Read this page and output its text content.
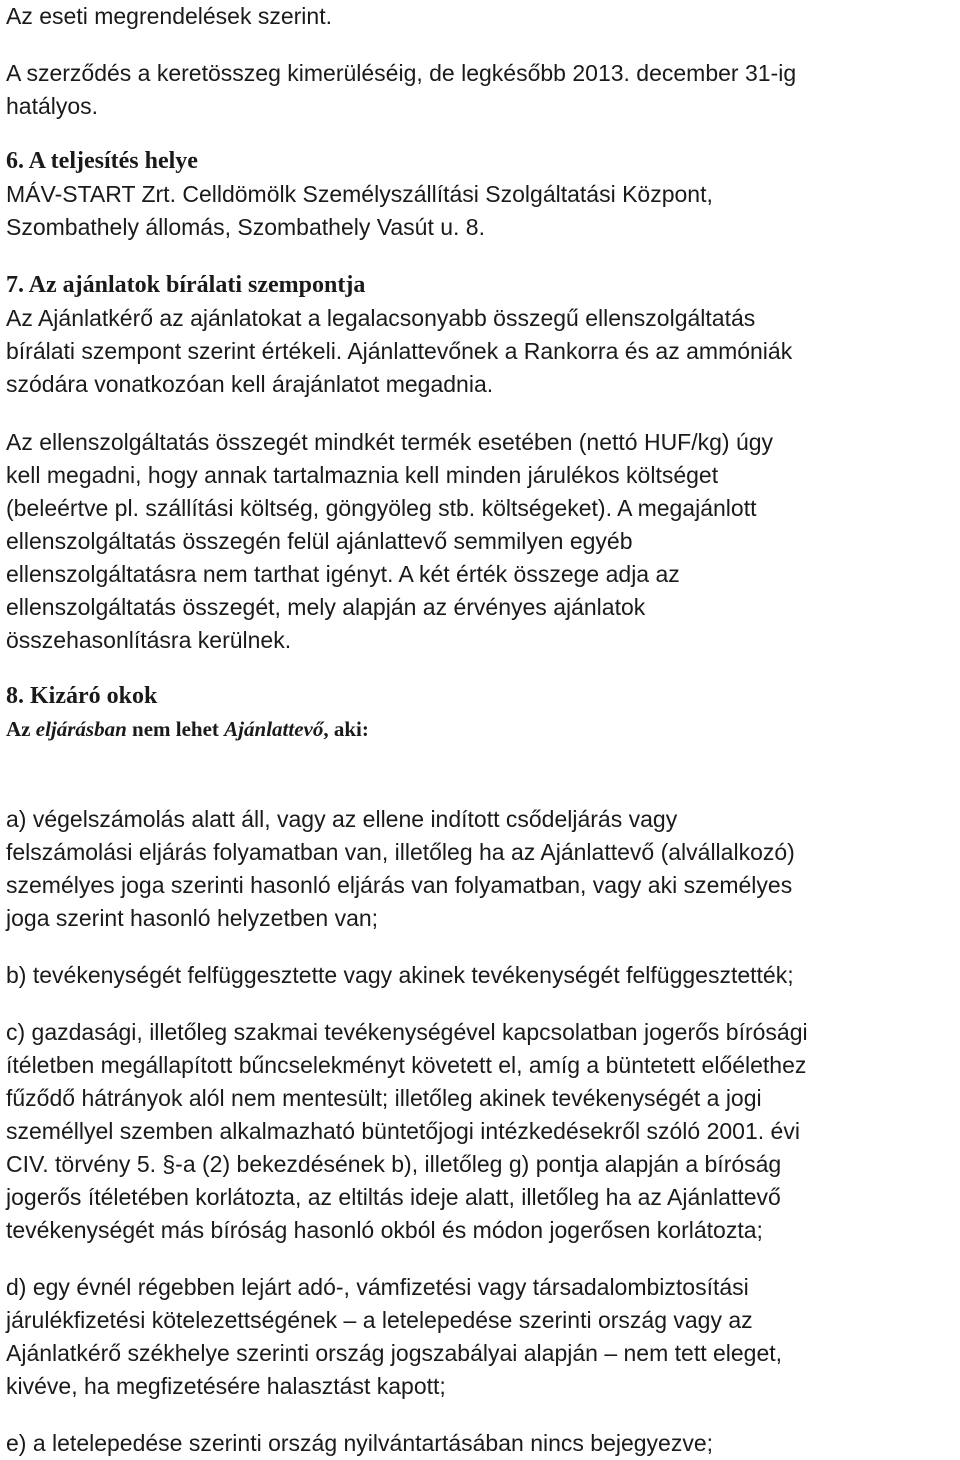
Az eseti megrendelések szerint.

A szerződés a keretösszeg kimerüléséig, de legkésőbb 2013. december 31-ig
hatályos.

6. A teljesítés helye
MÁV-START Zrt. Celldömölk Személyszállítási Szolgáltatási Központ,
Szombathely állomás, Szombathely Vasút u. 8.
7. Az ajánlatok bírálati szempontja
Az Ajánlatkérő az ajánlatokat a legalacsonyabb összegű ellenszolgáltatás
bírálati szempont szerint értékeli. Ajánlattevőnek a Rankorra és az ammóniák
szódára vonatkozóan kell árajánlatot megadnia.

Az ellenszolgáltatás összegét mindkét termék esetében (nettó HUF/kg) úgy
kell megadni, hogy annak tartalmaznia kell minden járulékos költséget
(beleértve pl. szállítási költség, göngyöleg stb. költségeket). A megajánlott
ellenszolgáltatás összegén felül ajánlattevő semmilyen egyéb
ellenszolgáltatásra nem tarthat igényt. A két érték összege adja az
ellenszolgáltatás összegét, mely alapján az érvényes ajánlatok
összehasonlításra kerülnek.

8. Kizáró okok
Az eljárásban nem lehet Ajánlattevő, aki:

a) végelszámolás alatt áll, vagy az ellene indított csődeljárás vagy
felszámolási eljárás folyamatban van, illetőleg ha az Ajánlattevő (alvállalkozó)
személyes joga szerinti hasonló eljárás van folyamatban, vagy aki személyes
joga szerint hasonló helyzetben van;

b) tevékenységét felfüggesztette vagy akinek tevékenységét felfüggesztették;

c) gazdasági, illetőleg szakmai tevékenységével kapcsolatban jogerős bírósági
ítéletben megállapított bűncselekményt követett el, amíg a büntetett előélethez
fűződő hátrányok alól nem mentesült; illetőleg akinek tevékenységét a jogi
személlyel szemben alkalmazható büntetőjogi intézkedésekről szóló 2001. évi
CIV. törvény 5. §-a (2) bekezdésének b), illetőleg g) pontja alapján a bíróság
jogerős ítéletében korlátozta, az eltiltás ideje alatt, illetőleg ha az Ajánlattevő
tevékenységét más bíróság hasonló okból és módon jogerősen korlátozta;

d) egy évnél régebben lejárt adó-, vámfizetési vagy társadalombiztosítási
járulékfizetési kötelezettségének – a letelepedése szerinti ország vagy az
Ajánlatkérő székhelye szerinti ország jogszabályai alapján – nem tett eleget,
kivéve, ha megfizetésére halasztást kapott;

e) a letelepedése szerinti ország nyilvántartásában nincs bejegyezve;
